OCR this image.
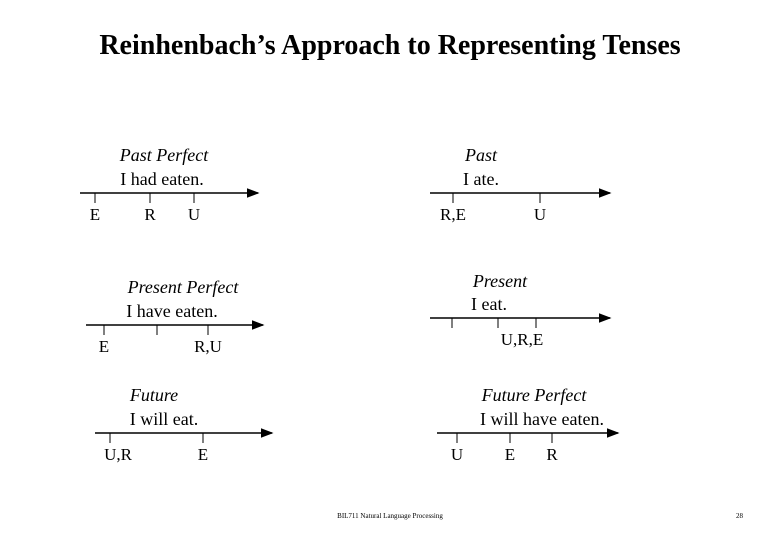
Reinhenbach’s Approach to Representing Tenses
Past Perfect
I had eaten.
E	R U
Past
I ate.
R,E	U
Present Perfect
I have eaten.
E	R,U
Present
I eat.
U,R,E
Future
I will eat.
U,R	E
Future Perfect
I will have eaten.
U E R
BIL711 Natural Language Processing	28
